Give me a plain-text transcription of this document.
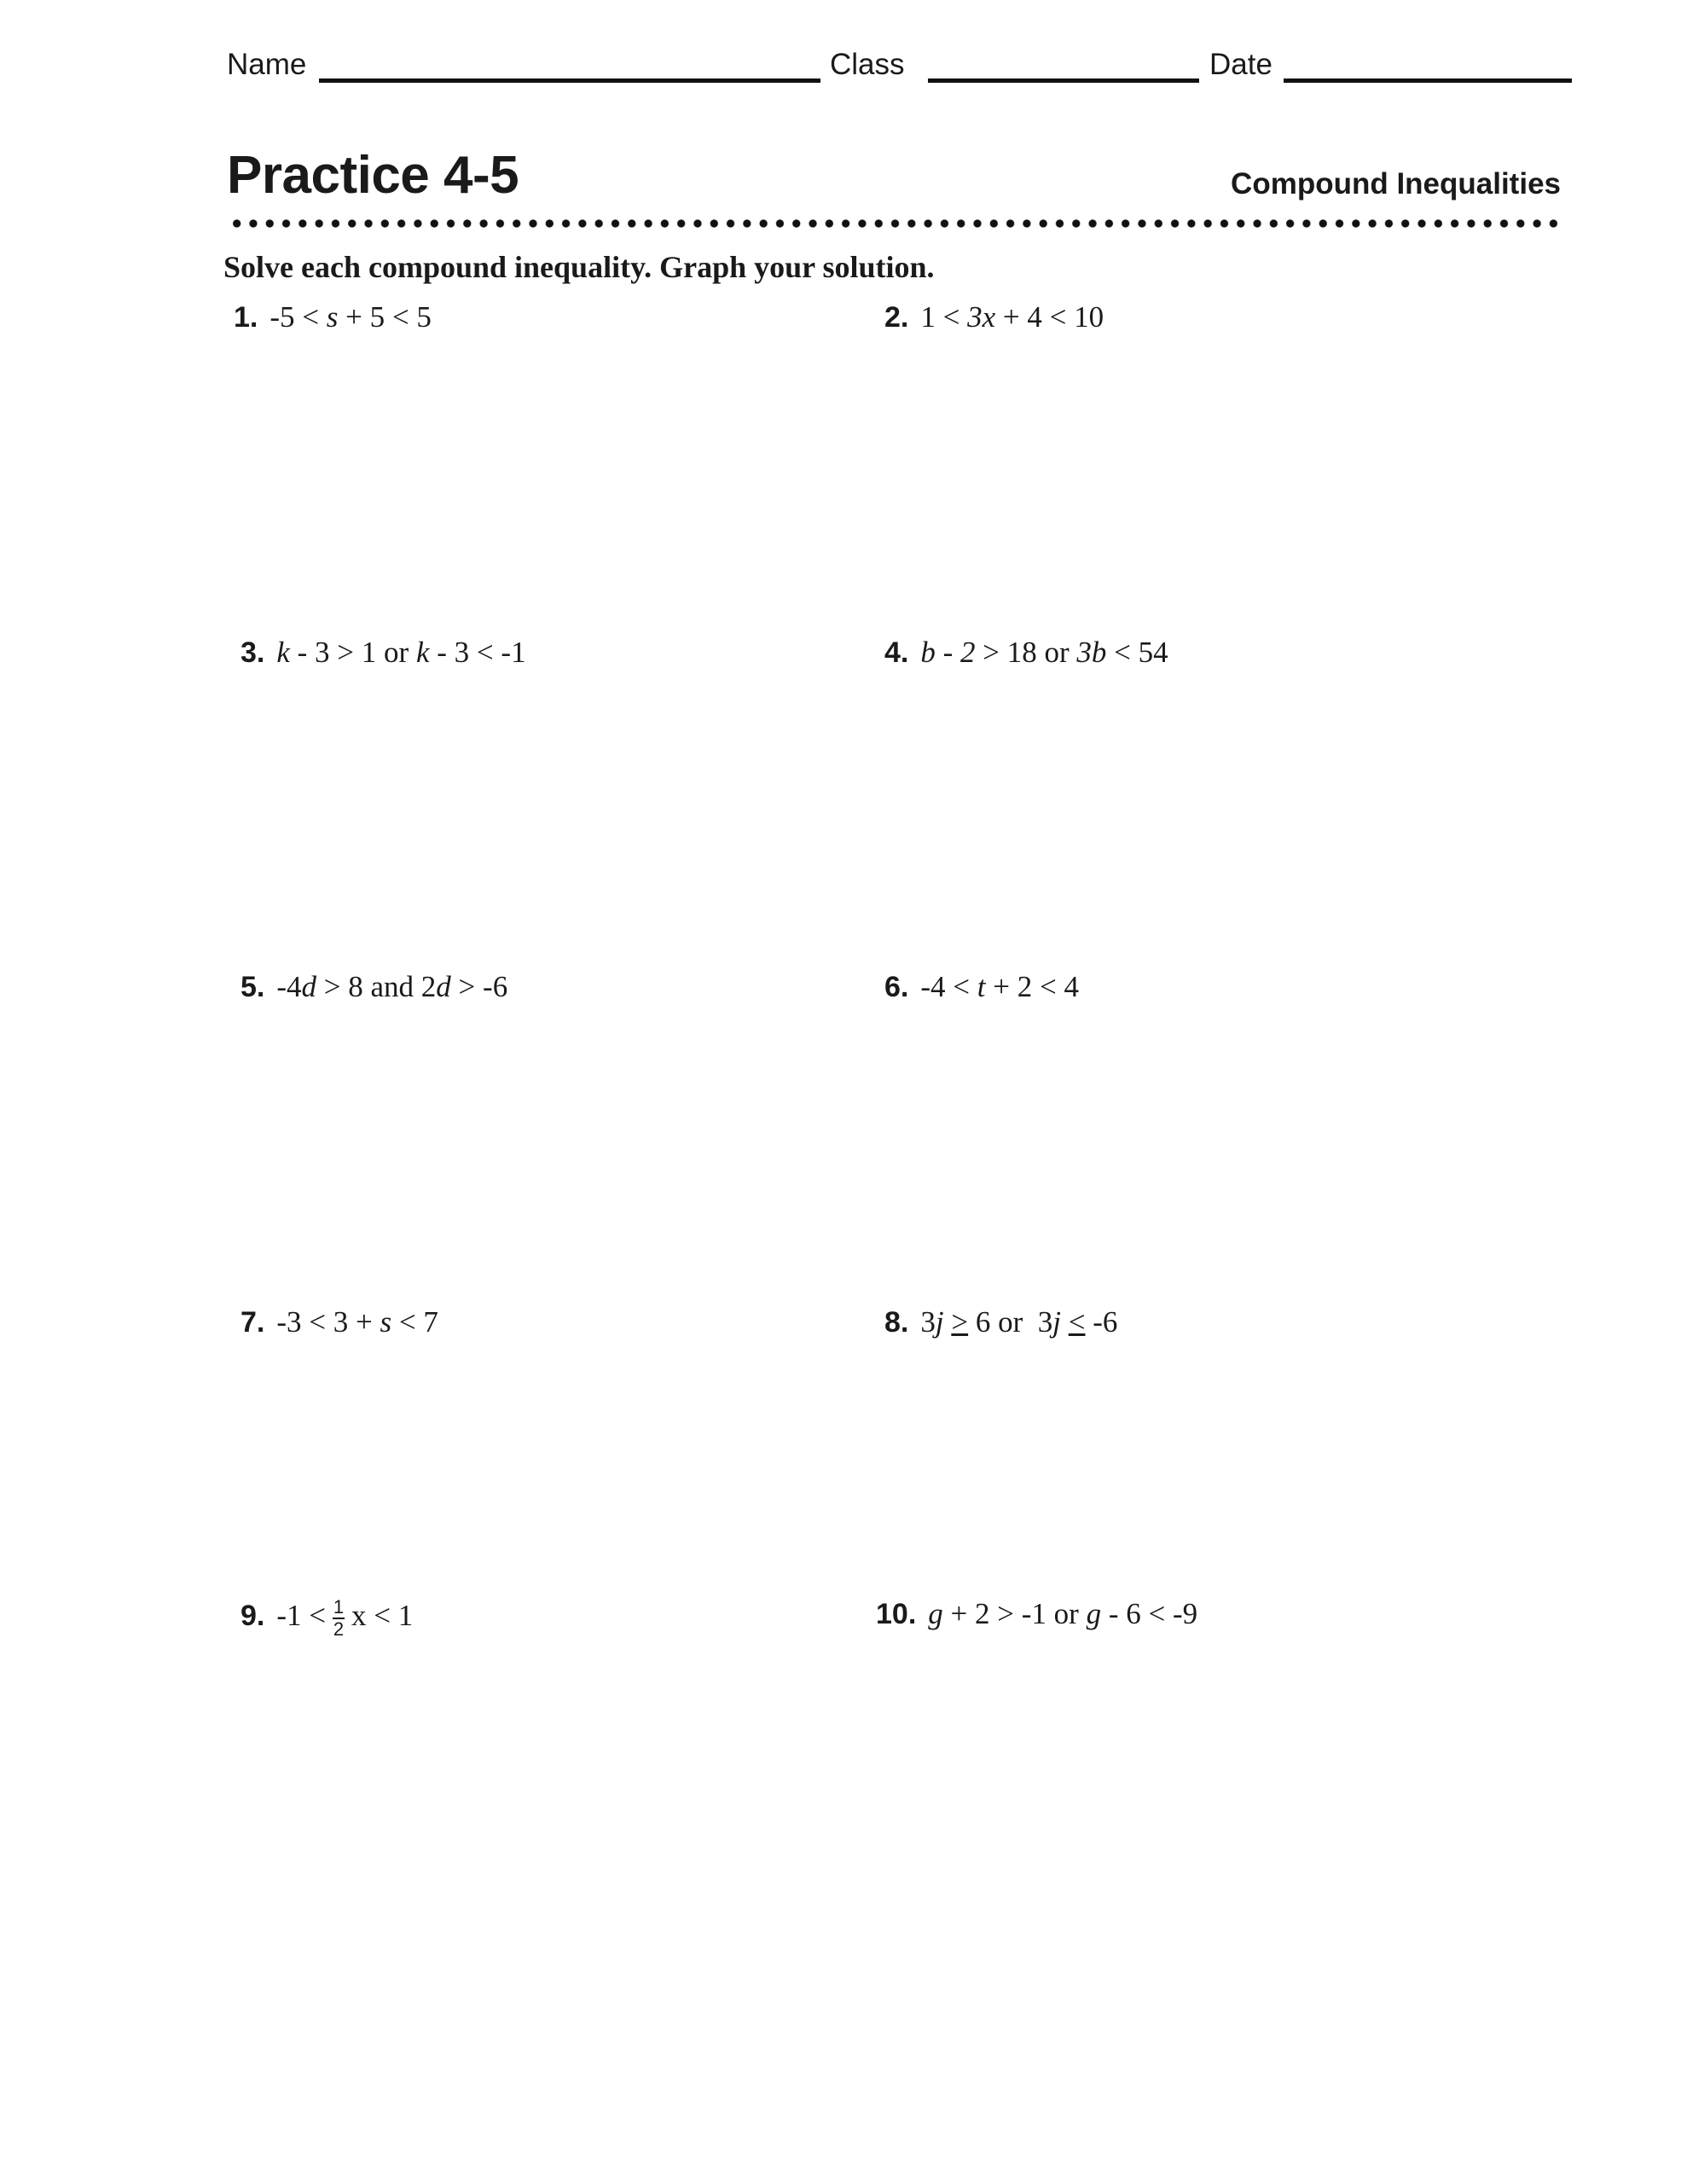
Name	Class	Date
Practice 4-5	Compound Inequalities
Solve each compound inequality. Graph your solution.
1. -5 < s + 5 < 5	2. 1 < 3x + 4 < 10
3. k - 3 > 1 or k - 3 < -1	4. b - 2 > 18 or 3b < 54
5. -4d > 8 and 2d > -6	6. -4 < t + 2 < 4
7. -3 < 3 + s < 7	8. 3j > 6 or  3j < -6
9. $-1 < \frac{1}{2}$ x < 1	10. g + 2 > -1 or g - 6 < -9
